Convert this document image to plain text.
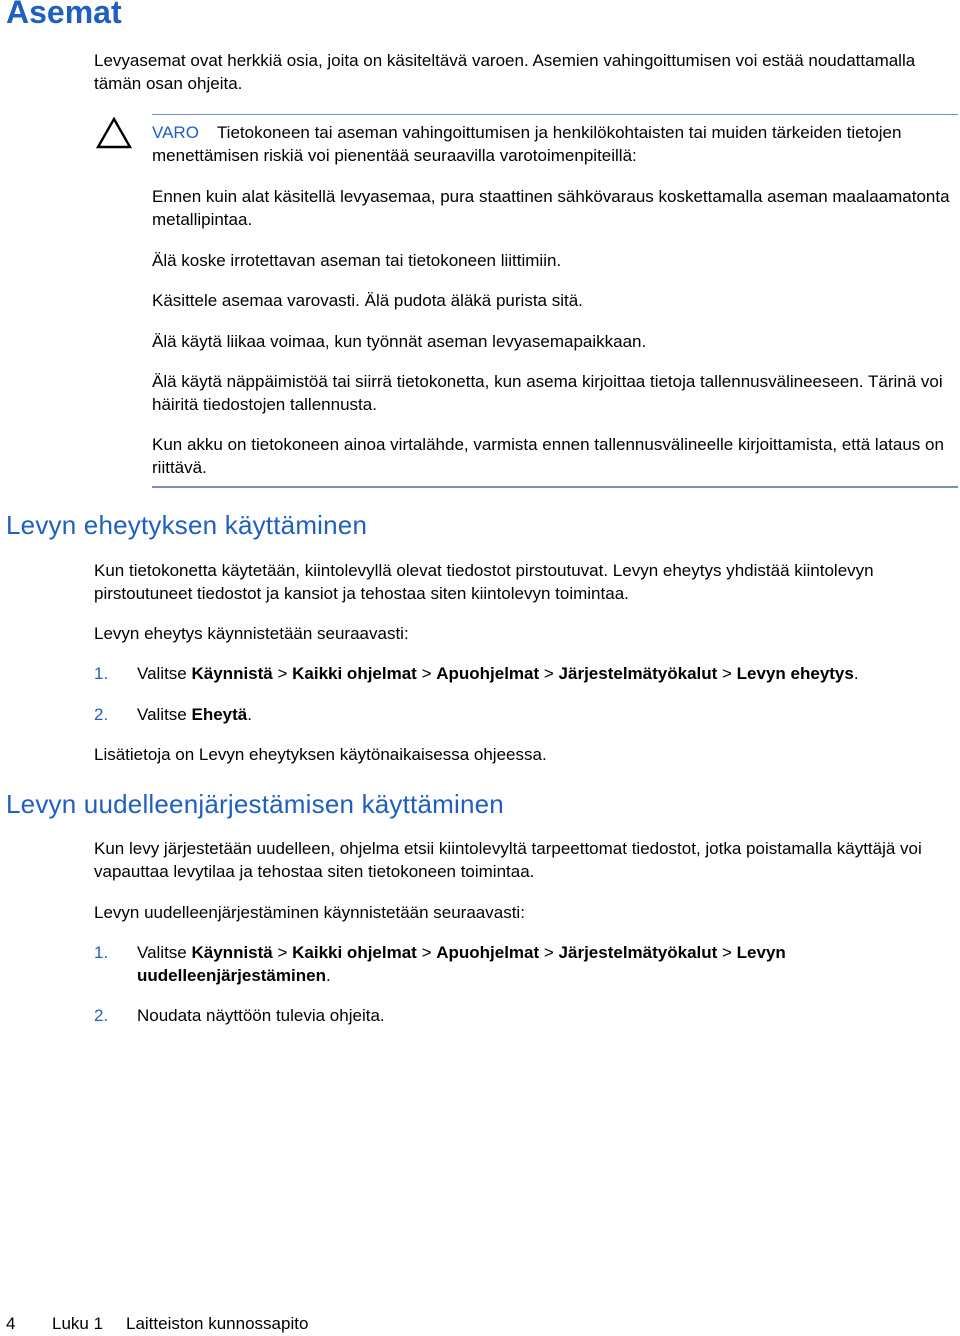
Asemat

Levyasemat ovat herkkiä osia, joita on käsiteltävä varoen. Asemien vahingoittumisen voi estää noudattamalla tämän osan ohjeita.

VARO Tietokoneen tai aseman vahingoittumisen ja henkilökohtaisten tai muiden tärkeiden tietojen menettämisen riskiä voi pienentää seuraavilla varotoimenpiteillä:

Ennen kuin alat käsitellä levyasemaa, pura staattinen sähkövaraus koskettamalla aseman maalaamatonta metallipintaa.

Älä koske irrotettavan aseman tai tietokoneen liittimiin.

Käsittele asemaa varovasti. Älä pudota äläkä purista sitä.

Älä käytä liikaa voimaa, kun työnnät aseman levyasemapaikkaan.

Älä käytä näppäimistöä tai siirrä tietokonetta, kun asema kirjoittaa tietoja tallennusvälineeseen. Tärinä voi häiritä tiedostojen tallennusta.

Kun akku on tietokoneen ainoa virtalähde, varmista ennen tallennusvälineelle kirjoittamista, että lataus on riittävä.

Levyn eheytyksen käyttäminen

Kun tietokonetta käytetään, kiintolevyllä olevat tiedostot pirstoutuvat. Levyn eheytys yhdistää kiintolevyn pirstoutuneet tiedostot ja kansiot ja tehostaa siten kiintolevyn toimintaa.

Levyn eheytys käynnistetään seuraavasti:

1.	Valitse Käynnistä > Kaikki ohjelmat > Apuohjelmat > Järjestelmätyökalut > Levyn eheytys.
2.	Valitse Eheytä.

Lisätietoja on Levyn eheytyksen käytönaikaisessa ohjeessa.

Levyn uudelleenjärjestämisen käyttäminen

Kun levy järjestetään uudelleen, ohjelma etsii kiintolevyltä tarpeettomat tiedostot, jotka poistamalla käyttäjä voi vapauttaa levytilaa ja tehostaa siten tietokoneen toimintaa.

Levyn uudelleenjärjestäminen käynnistetään seuraavasti:

1.	Valitse Käynnistä > Kaikki ohjelmat > Apuohjelmat > Järjestelmätyökalut > Levyn uudelleenjärjestäminen.
2.	Noudata näyttöön tulevia ohjeita.
4 Luku 1 Laitteiston kunnossapito
